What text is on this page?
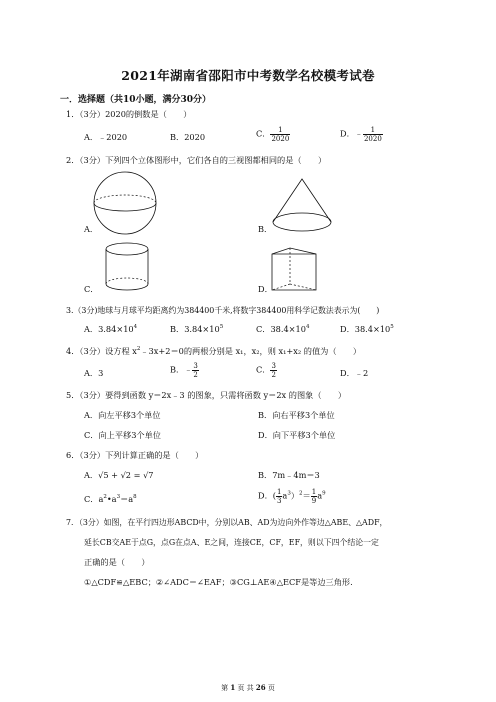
2021年湖南省邵阳市中考数学名校模考试卷
一．选择题（共10小题，满分30分）
1．（3分）2020的倒数是（　　）
A．﹣2020	B．2020	C． $\frac{1}{2020}$	D．﹣ $\frac{1}{2020}$
2．（3分）下列四个立体图形中，它们各自的三视图都相同的是（　　）
A．	B．
C．	D．
3.（3分)地球与月球平均距离约为384400千米,将数字384400用科学记数法表示为(　　)
A．$3.84\times 10^4$	B．$3.84\times 10^5$	C．$38.4\times 10^4$	D．$38.4\times 10^5$
4．（3分）设方程 $x^2﹣3x+2=0$的两根分别是 x₁，x₂，则 x₁+x₂ 的值为（　　）
A．3	B．﹣ $\frac{3}{2}$	C． $\frac{3}{2}$	D．﹣2
5．（3分）要得到函数 y＝2x﹣3 的图象，只需将函数 y＝2x 的图象（　　）
A．向左平移3个单位	B．向右平移3个单位
C．向上平移3个单位	D．向下平移3个单位
6．（3分）下列计算正确的是（　　）
A．√5 + √2 = √7	B．7m﹣4m＝3
C．$a^2•a^3=a^8$	D．( $\frac{1}{3} a^3)^2= \frac{1}{9} a^9$
7．（3分）如图，在平行四边形ABCD中，分别以AB、AD为边向外作等边△ABE、△ADF，
延长CB交AE于点G，点G在点A、E之间，连接CE，CF，EF，则以下四个结论一定
正确的是（　　）
①△CDF≌△EBC；②∠ADC＝∠EAF；③CG⊥AE④△ECF是等边三角形.
第 1 页 共 26 页
